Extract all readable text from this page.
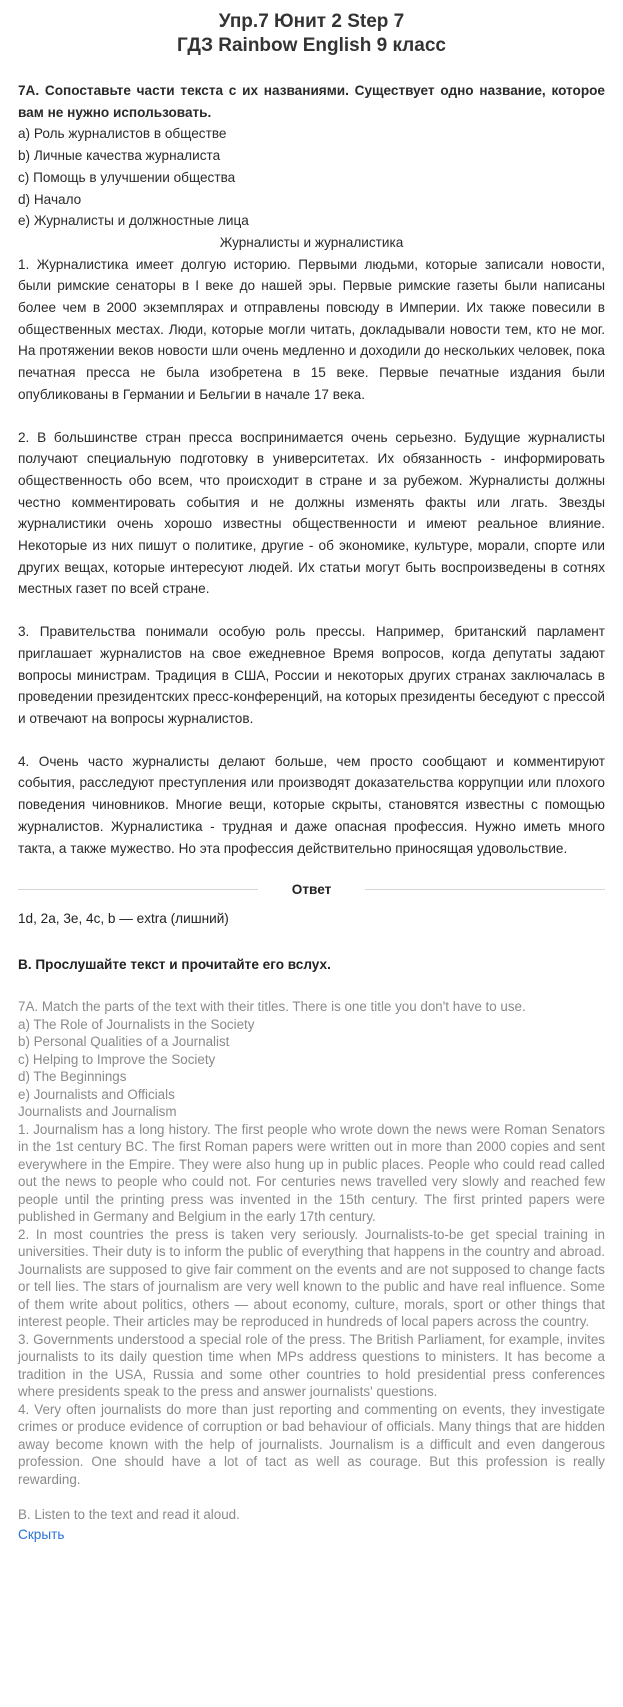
Упр.7 Юнит 2 Step 7
ГДЗ Rainbow English 9 класс

7А. Сопоставьте части текста с их названиями. Существует одно название, которое вам не нужно использовать.

a) Роль журналистов в обществе

b) Личные качества журналиста

c) Помощь в улучшении общества

d) Начало

e) Журналисты и должностные лица

Журналисты и журналистика

1. Журналистика имеет долгую историю. Первыми людьми, которые записали новости, были римские сенаторы в I веке до нашей эры. Первые римские газеты были написаны более чем в 2000 экземплярах и отправлены повсюду в Империи. Их также повесили в общественных местах. Люди, которые могли читать, докладывали новости тем, кто не мог. На протяжении веков новости шли очень медленно и доходили до нескольких человек, пока печатная пресса не была изобретена в 15 веке. Первые печатные издания были опубликованы в Германии и Бельгии в начале 17 века.

2. В большинстве стран пресса воспринимается очень серьезно. Будущие журналисты получают специальную подготовку в университетах. Их обязанность - информировать общественность обо всем, что происходит в стране и за рубежом. Журналисты должны честно комментировать события и не должны изменять факты или лгать. Звезды журналистики очень хорошо известны общественности и имеют реальное влияние. Некоторые из них пишут о политике, другие - об экономике, культуре, морали, спорте или других вещах, которые интересуют людей. Их статьи могут быть воспроизведены в сотнях местных газет по всей стране.

3. Правительства понимали особую роль прессы. Например, британский парламент приглашает журналистов на свое ежедневное Время вопросов, когда депутаты задают вопросы министрам. Традиция в США, России и некоторых других странах заключалась в проведении президентских пресс-конференций, на которых президенты беседуют с прессой и отвечают на вопросы журналистов.

4. Очень часто журналисты делают больше, чем просто сообщают и комментируют события, расследуют преступления или производят доказательства коррупции или плохого поведения чиновников. Многие вещи, которые скрыты, становятся известны с помощью журналистов. Журналистика - трудная и даже опасная профессия. Нужно иметь много такта, а также мужество. Но эта профессия действительно приносящая удовольствие.

Ответ

1d, 2a, 3e, 4c, b — extra (лишний)

B. Прослушайте текст и прочитайте его вслух.

7A. Match the parts of the text with their titles. There is one title you don't have to use.

a) The Role of Journalists in the Society

b) Personal Qualities of a Journalist

c) Helping to Improve the Society

d) The Beginnings

e) Journalists and Officials

Journalists and Journalism

1. Journalism has a long history. The first people who wrote down the news were Roman Senators in the 1st century BC. The first Roman papers were written out in more than 2000 copies and sent everywhere in the Empire. They were also hung up in public places. People who could read called out the news to people who could not. For centuries news travelled very slowly and reached few people until the printing press was invented in the 15th century. The first printed papers were published in Germany and Belgium in the early 17th century.

2. In most countries the press is taken very seriously. Journalists-to-be get special training in universities. Their duty is to inform the public of everything that happens in the country and abroad. Journalists are supposed to give fair comment on the events and are not supposed to change facts or tell lies. The stars of journalism are very well known to the public and have real influence. Some of them write about politics, others — about economy, culture, morals, sport or other things that interest people. Their articles may be reproduced in hundreds of local papers across the country.

3. Governments understood a special role of the press. The British Parliament, for example, invites journalists to its daily question time when MPs address questions to ministers. It has become a tradition in the USA, Russia and some other countries to hold presidential press conferences where presidents speak to the press and answer journalists' questions.

4. Very often journalists do more than just reporting and commenting on events, they investigate crimes or produce evidence of corruption or bad behaviour of officials. Many things that are hidden away become known with the help of journalists. Journalism is a difficult and even dangerous profession. One should have a lot of tact as well as courage. But this profession is really rewarding.

B. Listen to the text and read it aloud.

Скрыть
